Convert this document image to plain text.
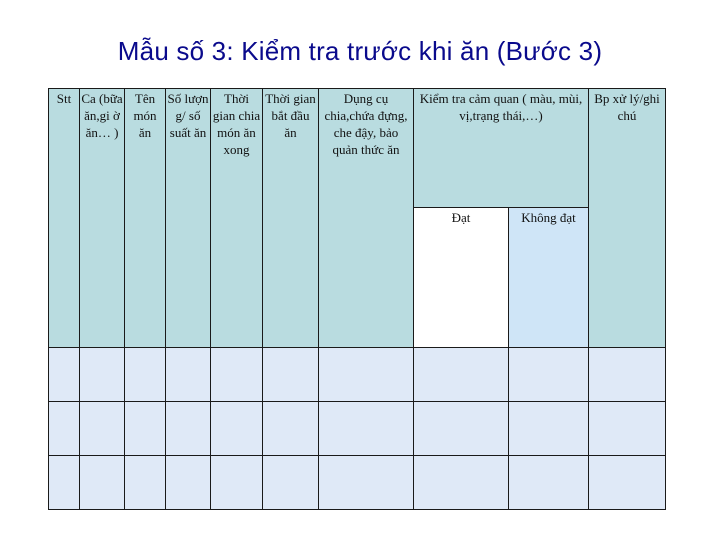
Mẫu số 3: Kiểm tra trước khi ăn (Bước 3)
Stt	Ca (bữa ăn,gi ờ ăn… )	Tên món ăn	Số lượn g/ số suất ăn	Thời gian chia món ăn xong	Thời gian bắt đầu ăn	Dụng cụ chia,chứa đựng, che đậy, bảo quản thức ăn	Kiểm tra cảm quan ( màu, mùi, vị,trạng thái,…)		Bp xử lý/ghi chú
							Đạt	Không đạt	
